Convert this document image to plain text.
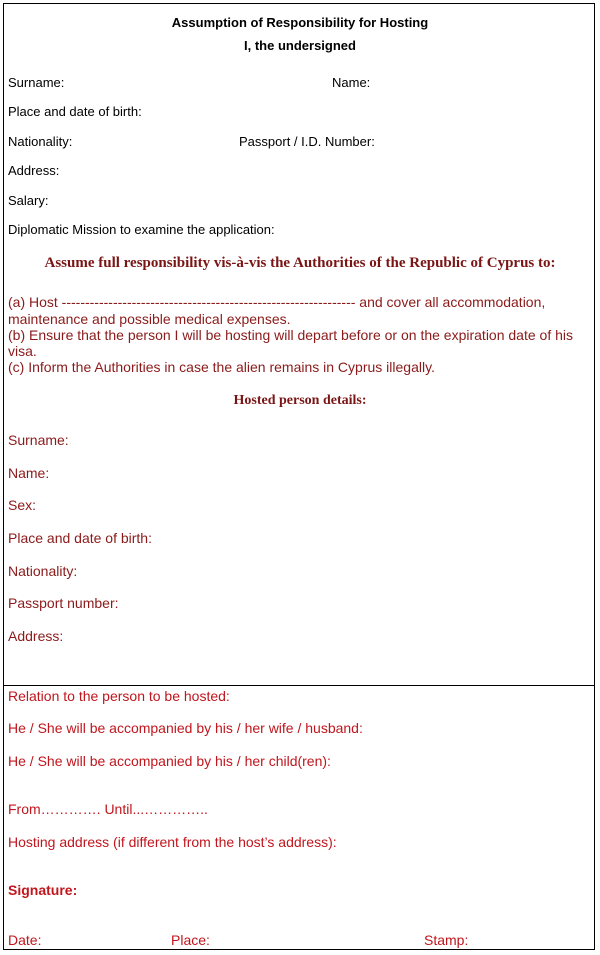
Assumption of Responsibility for Hosting

I, the undersigned

Surname:	Name:

Place and date of birth:

Nationality:	Passport / I.D. Number:

Address:

Salary:

Diplomatic Mission to examine the application:

Assume full responsibility vis-à-vis the Authorities of the Republic of Cyprus to:

(a) Host --------------------------------------------------------------- and cover all accommodation,

maintenance and possible medical expenses.

(b) Ensure that the person I will be hosting will depart before or on the expiration date of his

visa.

(c) Inform the Authorities in case the alien remains in Cyprus illegally.

Hosted person details:

Surname:

Name:

Sex:

Place and date of birth:

Nationality:

Passport number:

Address:

Relation to the person to be hosted:

He / She will be accompanied by his / her wife / husband:

He / She will be accompanied by his / her child(ren):

From…………. Until...…………..

Hosting address (if different from the host’s address):

Signature:

Date:	Place:	Stamp:
